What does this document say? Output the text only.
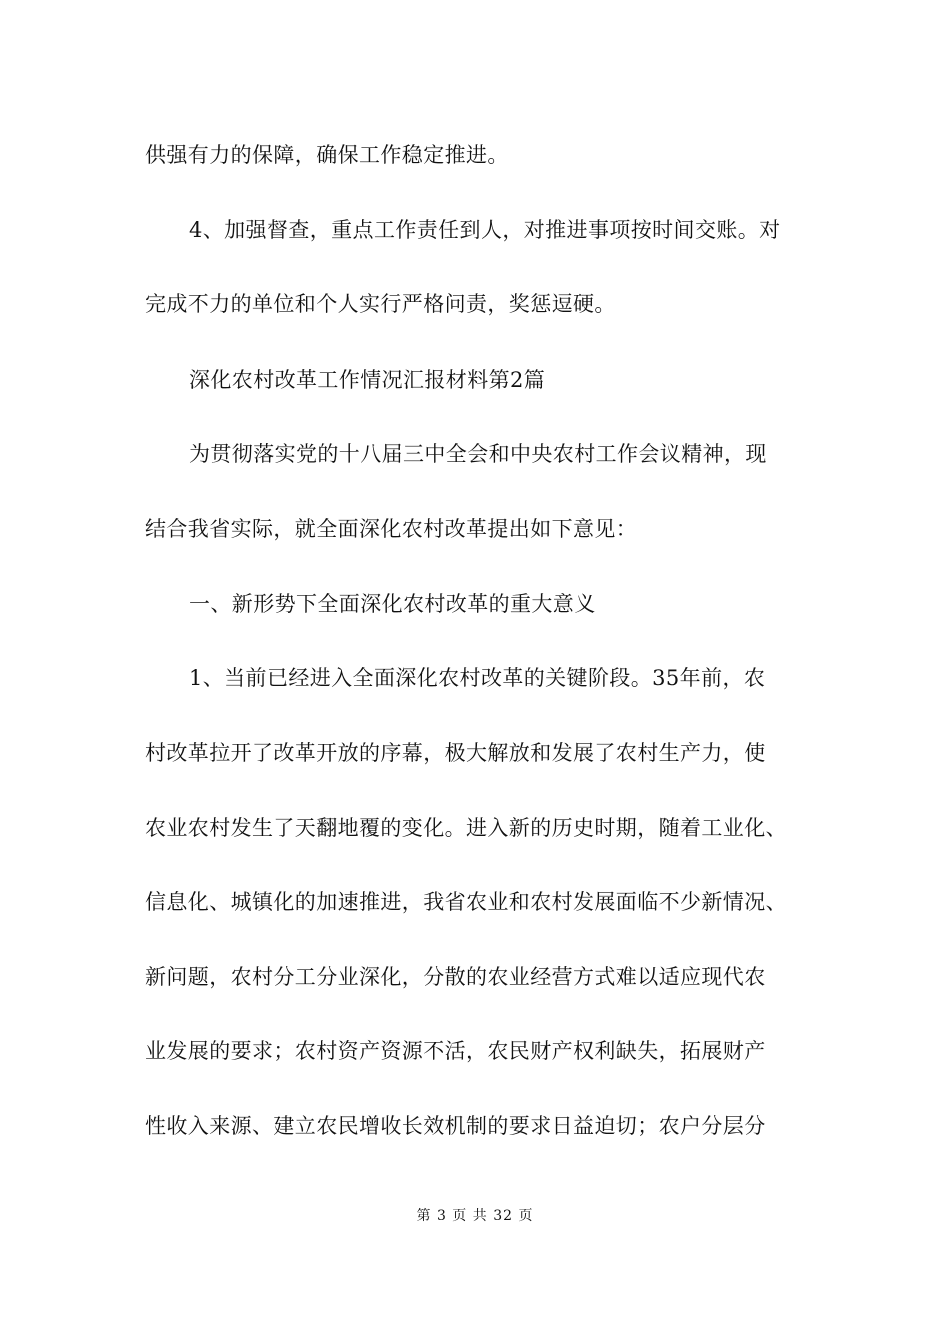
供强有力的保障，确保工作稳定推进。
4、加强督查，重点工作责任到人，对推进事项按时间交账。对
完成不力的单位和个人实行严格问责，奖惩逗硬。
深化农村改革工作情况汇报材料第2篇
为贯彻落实党的十八届三中全会和中央农村工作会议精神，现
结合我省实际，就全面深化农村改革提出如下意见：
一、新形势下全面深化农村改革的重大意义
1、当前已经进入全面深化农村改革的关键阶段。35年前，农
村改革拉开了改革开放的序幕，极大解放和发展了农村生产力，使
农业农村发生了天翻地覆的变化。进入新的历史时期，随着工业化、
信息化、城镇化的加速推进，我省农业和农村发展面临不少新情况、
新问题，农村分工分业深化，分散的农业经营方式难以适应现代农
业发展的要求；农村资产资源不活，农民财产权利缺失，拓展财产
性收入来源、建立农民增收长效机制的要求日益迫切；农户分层分
第 3 页 共 32 页
